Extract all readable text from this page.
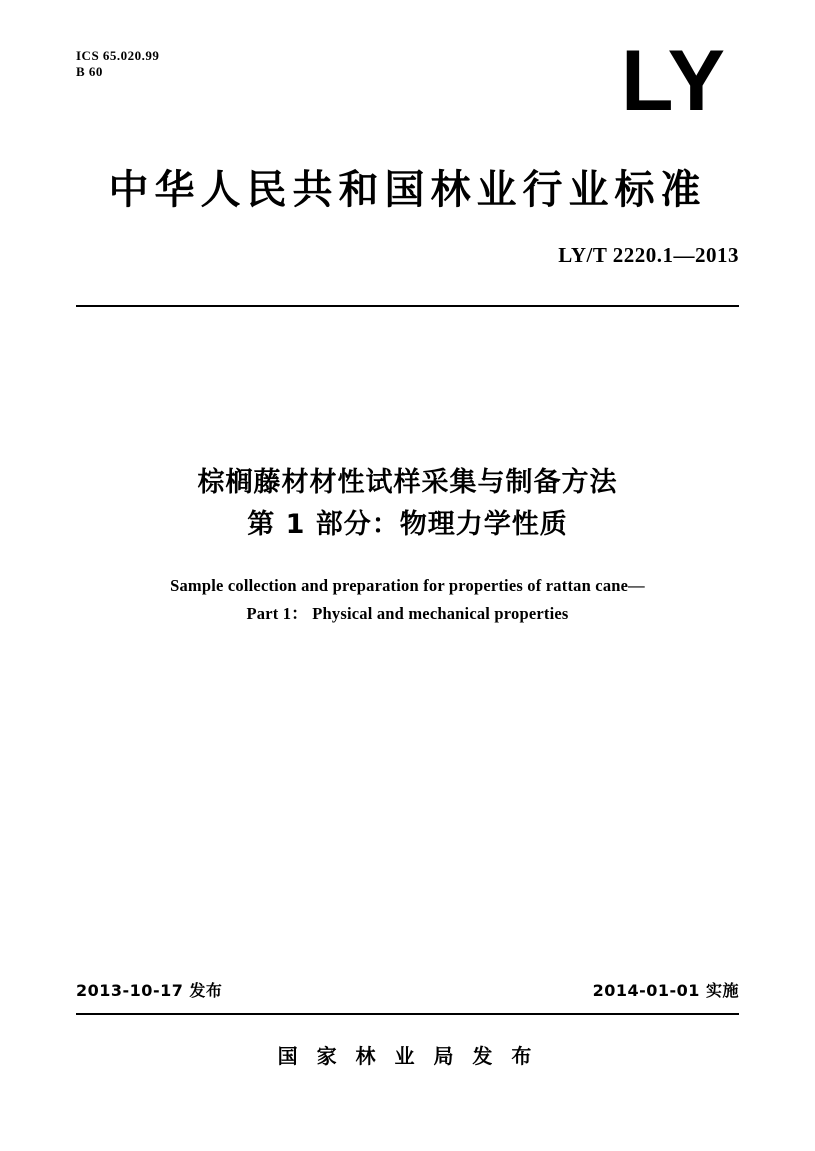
ICS 65.020.99
B 60	LY
中华人民共和国林业行业标准
LY/T 2220.1—2013
棕榈藤材材性试样采集与制备方法
第 1 部分：物理力学性质
Sample collection and preparation for properties of rattan cane—
Part 1： Physical and mechanical properties
2013-10-17 发布	2014-01-01 实施
国 家 林 业 局 发 布
